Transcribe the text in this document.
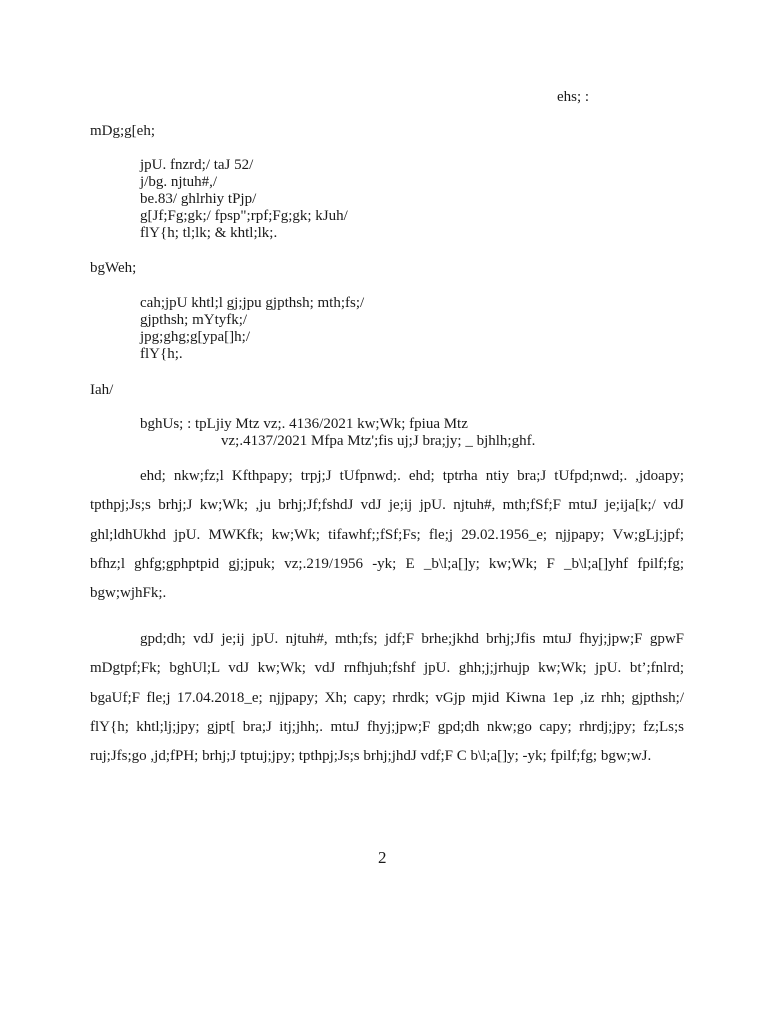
ehs; :
mDg;g[eh;
jpU. fnzrd;/ taJ 52/
j/bg. njtuh#,/
be.83/ ghlrhiy tPjp/
g[Jf;Fg;gk;/ fpsp";rpf;Fg;gk; kJuh/
flY{h; tl;lk; & khtl;lk;.
bgWeh;
cah;jpU khtl;l gj;jpu gjpthsh; mth;fs;/
gjpthsh; mYtyfk;/
jpg;ghg;g[ypa[]h;/
flY{h;.
Iah/
bghUs; : tpLjiy Mtz vz;. 4136/2021 kw;Wk; fpiua Mtz
vz;.4137/2021 Mfpa Mtz';fis uj;J bra;jy; _ bjhlh;ghf.
ehd; nkw;fz;l Kfthpapy; trpj;J tUfpnwd;. ehd; tptrha ntiy bra;J tUfpd;nwd;. ,jdoapy; tpthpj;Js;s brhj;J kw;Wk; ,ju brhj;Jf;fshdJ vdJ je;ij jpU. njtuh#, mth;fSf;F mtuJ je;ija[k;/ vdJ ghl;ldhUkhd jpU. MWKfk; kw;Wk; tifawhf;;fSf;Fs; fle;j 29.02.1956_e; njjpapy; Vw;gLj;jpf; bfhz;l ghfg;gphptpid gj;jpuk; vz;.219/1956 -yk; E _b\l;a[]y; kw;Wk; F _b\l;a[]yhf fpilf;fg; bgw;wjhFk;.
gpd;dh; vdJ je;ij jpU. njtuh#, mth;fs; jdf;F brhe;jkhd brhj;Jfis mtuJ fhyj;jpw;F gpwF mDgtpf;Fk; bghUl;L vdJ kw;Wk; vdJ rnfhjuh;fshf jpU. ghh;j;jrhujp kw;Wk; jpU. bt’;fnlrd; bgaUf;F fle;j 17.04.2018_e; njjpapy; Xh; capy; rhrdk; vGjp mjid Kiwna 1ep ,iz rhh; gjpthsh;/ flY{h; khtl;lj;jpy; gjpt[ bra;J itj;jhh;. mtuJ fhyj;jpw;F gpd;dh nkw;go capy; rhrdj;jpy; fz;Ls;s ruj;Jfs;go ,jd;fPH; brhj;J tptuj;jpy; tpthpj;Js;s brhj;jhdJ vdf;F C b\l;a[]y; -yk; fpilf;fg; bgw;wJ.
2
